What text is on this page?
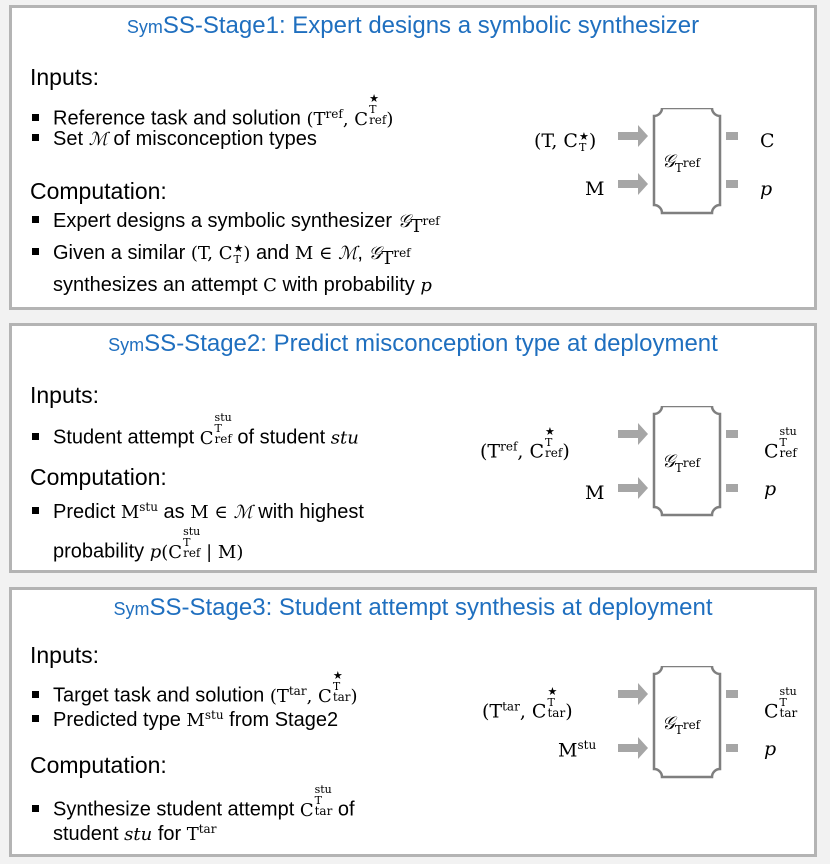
SymSS-Stage1: Expert designs a symbolic synthesizer
Inputs:
Reference task and solution ($T^{ref}$, C
★
T
$^{ref}$ )
Set ℳ of misconception types
Computation:
Expert designs a symbolic synthesizer 𝒢$_{T^{ref}}$
Given a similar (T, C ★
T ) and M ∈ ℳ, 𝒢$_{T^{ref}}$
synthesizes an attempt C with probability p
(T, C ★
T )
M
C
p
𝒢$_{T^{ref}}$
SymSS-Stage2: Predict misconception type at deployment
Inputs:
Student attempt C
stu
T
$^{ref}$ of student stu
Computation:
Predict $M^{stu}$ as M ∈ ℳ with highest
probability p(C
stu
T
$^{ref}$ | M)
($T^{ref}$, C
★
T
$^{ref}$ )
M
C
stu
T
$^{ref}$
p
𝒢$_{T^{ref}}$
SymSS-Stage3: Student attempt synthesis at deployment
Inputs:
Target task and solution ($T^{tar}$, C
★
T
$^{tar}$ )
Predicted type $M^{stu}$ from Stage2
Computation:
Synthesize student attempt C
stu
T
$^{tar}$ of
student stu for $T^{tar}$
($T^{tar}$, C
★
T
$^{tar}$ )
$M^{stu}$
C
stu
T
$^{tar}$
p
𝒢$_{T^{ref}}$
